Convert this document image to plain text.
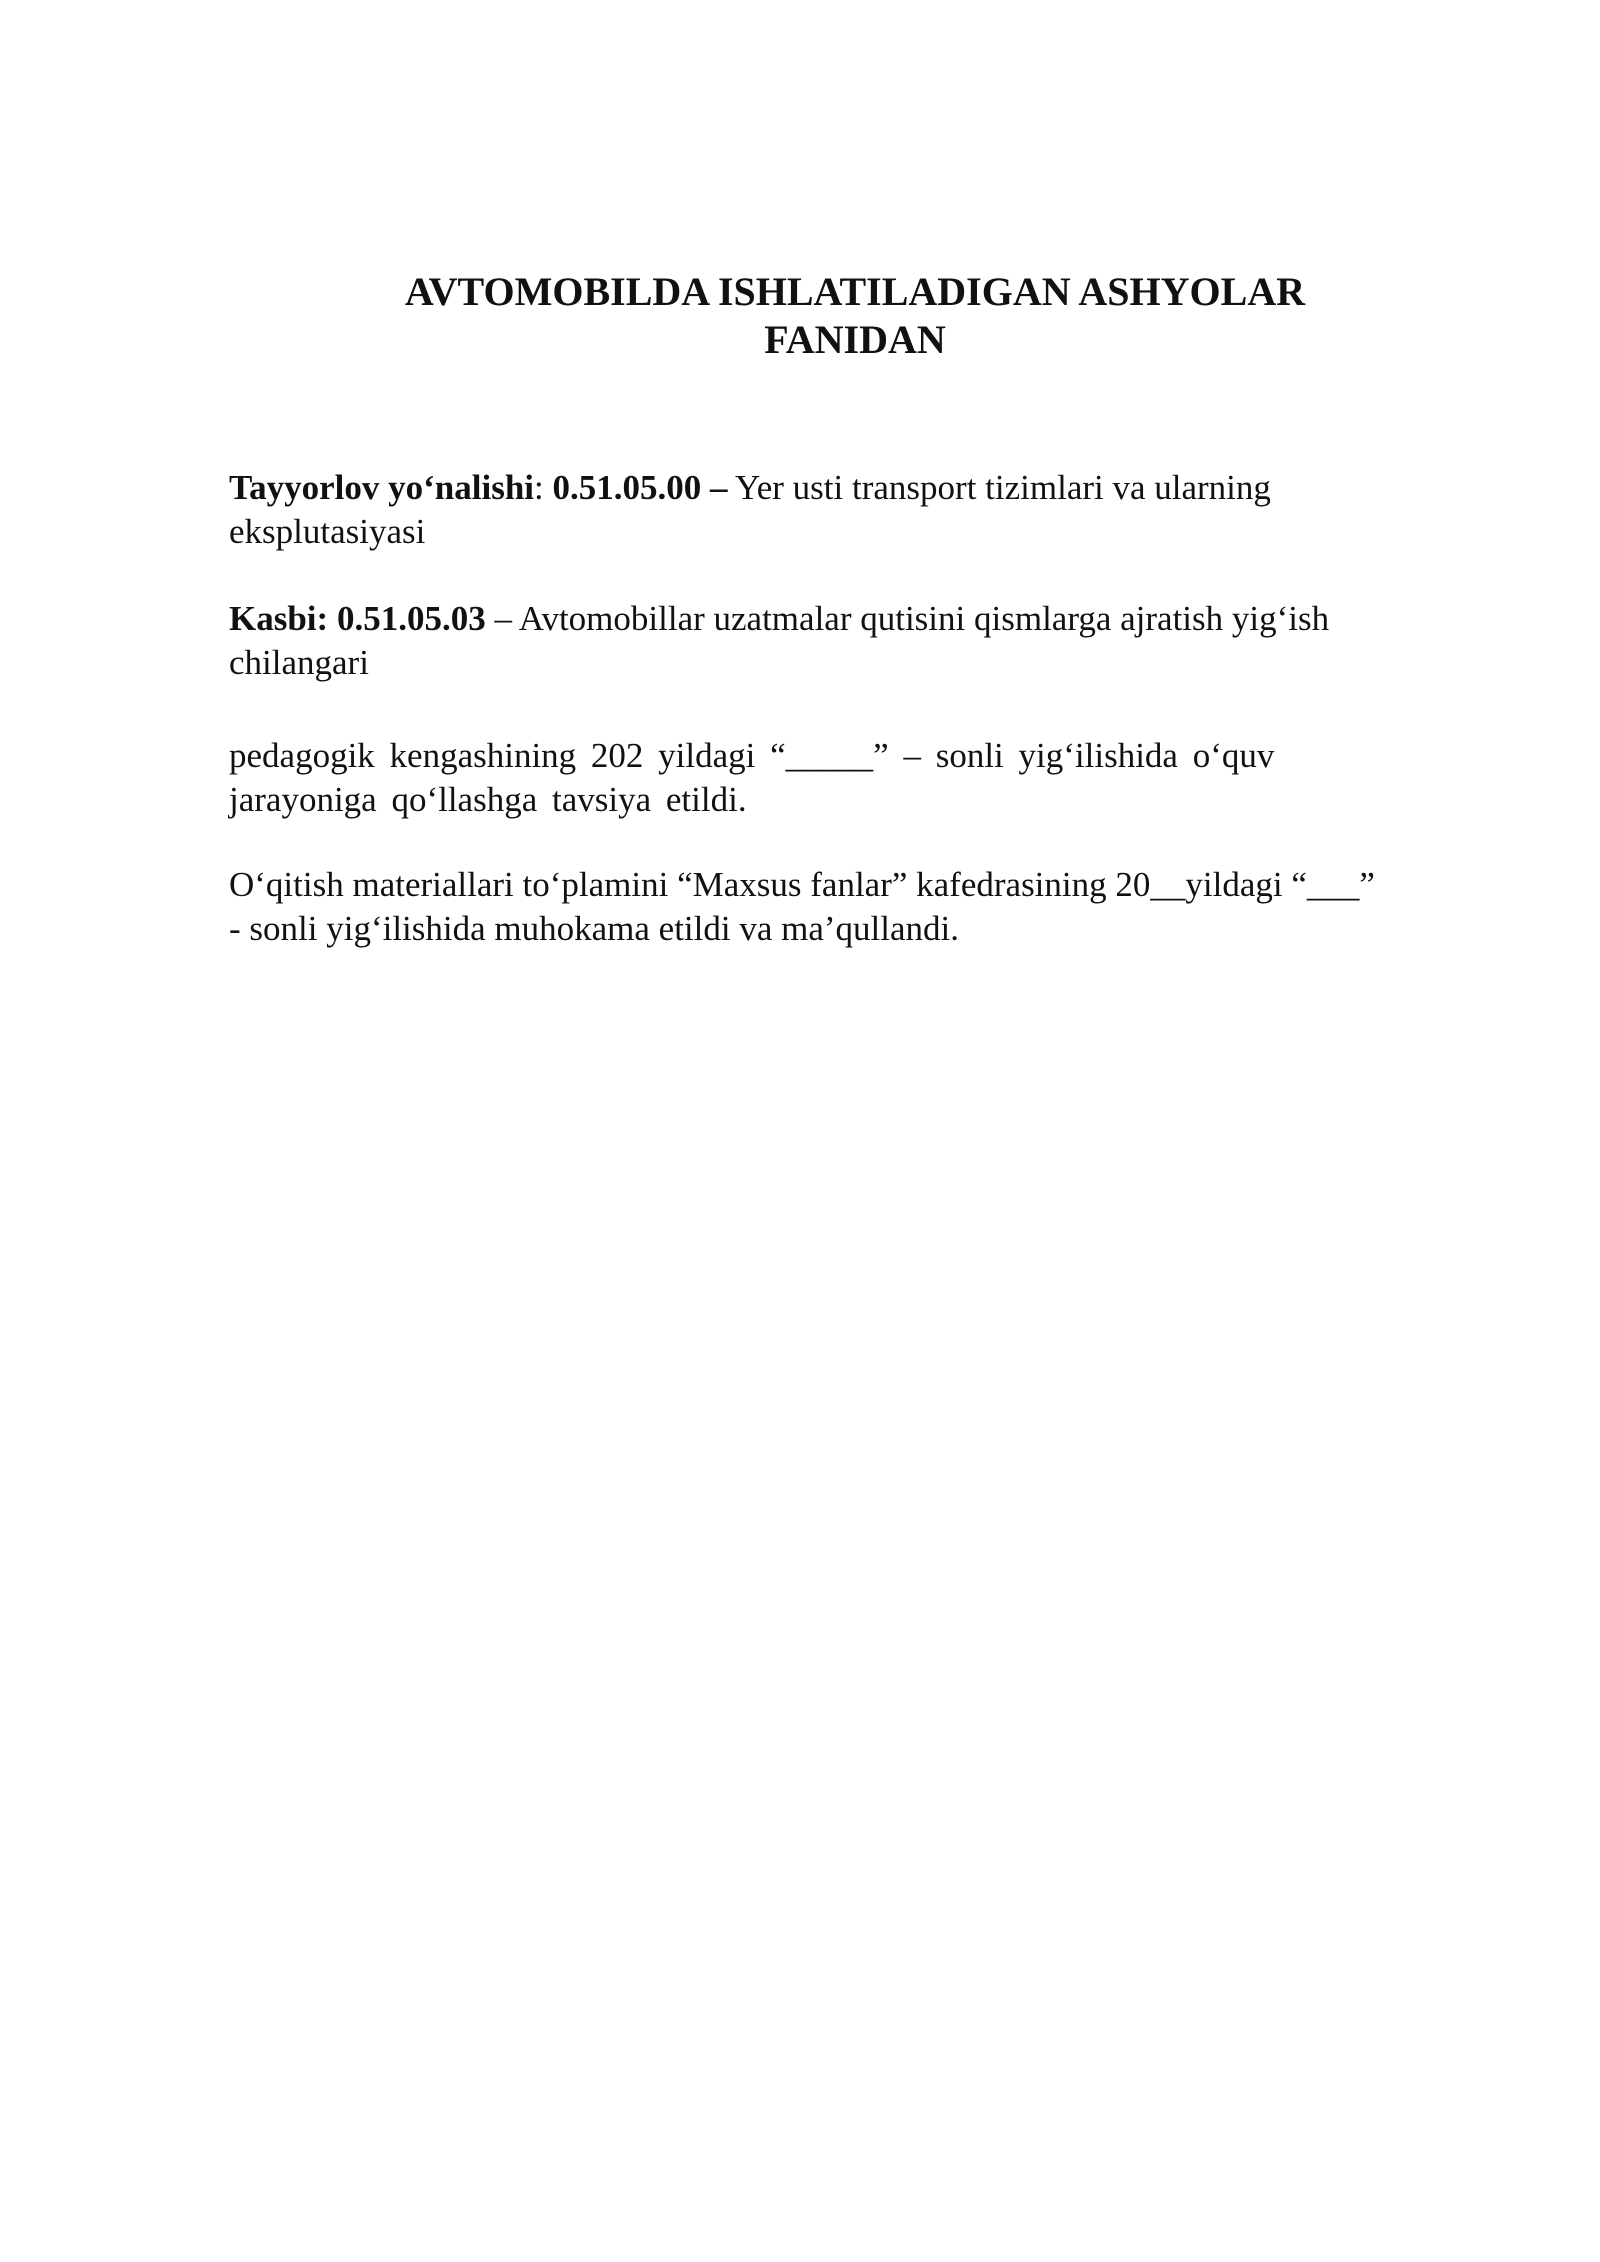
AVTOMOBILDA ISHLATILADIGAN ASHYOLAR
FANIDAN

Tayyorlov yo‘nalishi: 0.51.05.00 – Yer usti transport tizimlari va ularning
eksplutasiyasi

Kasbi: 0.51.05.03 – Avtomobillar uzatmalar qutisini qismlarga ajratish yig‘ish
chilangari

pedagogik kengashining 202 yildagi “_____” – sonli yig‘ilishida o‘quv
jarayoniga qo‘llashga tavsiya etildi.

O‘qitish materiallari to‘plamini “Maxsus fanlar” kafedrasining 20__yildagi “___”
- sonli yig‘ilishida muhokama etildi va ma’qullandi.
